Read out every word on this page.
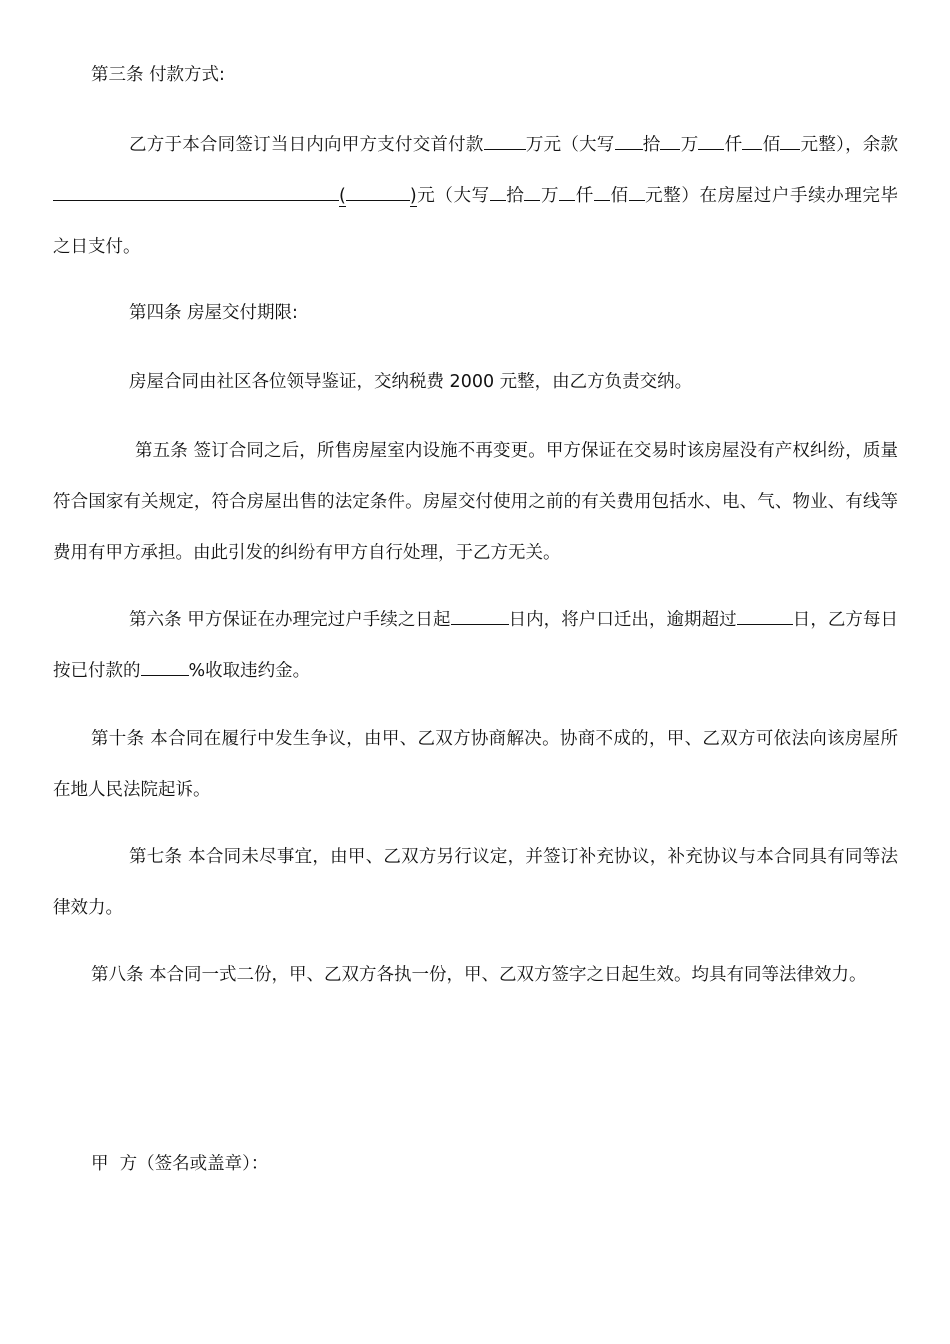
第三条 付款方式:

乙方于本合同签订当日内向甲方支付交首付款 万元（大写 拾 万 仟 佰 元整），余款(	)元（大写 拾 万 仟 佰 元整）在房屋过户手续办理完毕之日支付。

第四条 房屋交付期限:

房屋合同由社区各位领导鉴证，交纳税费 2000 元整，由乙方负责交纳。

第五条 签订合同之后，所售房屋室内设施不再变更。甲方保证在交易时该房屋没有产权纠纷，质量符合国家有关规定，符合房屋出售的法定条件。房屋交付使用之前的有关费用包括水、电、气、物业、有线等费用有甲方承担。由此引发的纠纷有甲方自行处理，于乙方无关。

第六条 甲方保证在办理完过户手续之日起	日内，将户口迁出，逾期超过	日，乙方每日按已付款的	%收取违约金。

第十条 本合同在履行中发生争议，由甲、乙双方协商解决。协商不成的，甲、乙双方可依法向该房屋所在地人民法院起诉。

第七条 本合同未尽事宜，由甲、乙双方另行议定，并签订补充协议，补充协议与本合同具有同等法律效力。

第八条 本合同一式二份，甲、乙双方各执一份，甲、乙双方签字之日起生效。均具有同等法律效力。

甲  方（签名或盖章）：
